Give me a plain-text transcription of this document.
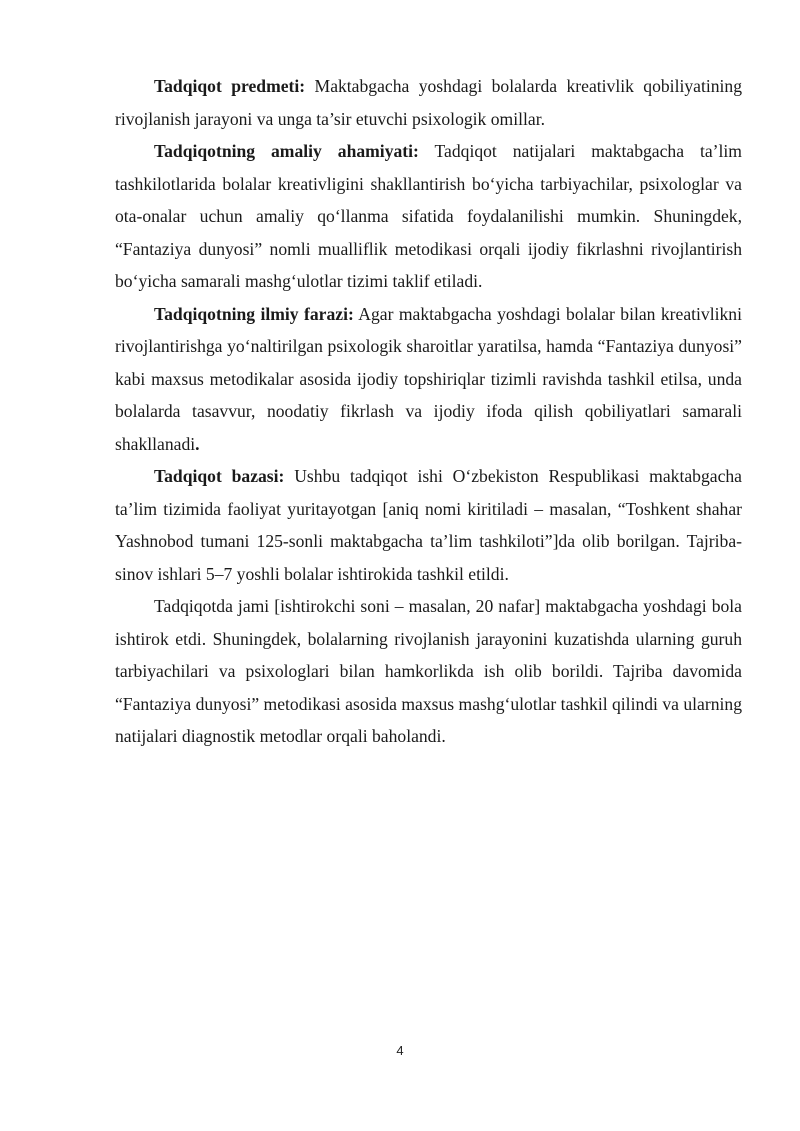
Tadqiqot predmeti: Maktabgacha yoshdagi bolalarda kreativlik qobiliyatining rivojlanish jarayoni va unga ta’sir etuvchi psixologik omillar.

Tadqiqotning amaliy ahamiyati: Tadqiqot natijalari maktabgacha ta’lim tashkilotlarida bolalar kreativligini shakllantirish bo‘yicha tarbiyachilar, psixologlar va ota-onalar uchun amaliy qo‘llanma sifatida foydalanilishi mumkin. Shuningdek, “Fantaziya dunyosi” nomli mualliflik metodikasi orqali ijodiy fikrlashni rivojlantirish bo‘yicha samarali mashg‘ulotlar tizimi taklif etiladi.

Tadqiqotning ilmiy farazi: Agar maktabgacha yoshdagi bolalar bilan kreativlikni rivojlantirishga yo‘naltirilgan psixologik sharoitlar yaratilsa, hamda “Fantaziya dunyosi” kabi maxsus metodikalar asosida ijodiy topshiriqlar tizimli ravishda tashkil etilsa, unda bolalarda tasavvur, noodatiy fikrlash va ijodiy ifoda qilish qobiliyatlari samarali shakllanadi.

Tadqiqot bazasi: Ushbu tadqiqot ishi O‘zbekiston Respublikasi maktabgacha ta’lim tizimida faoliyat yuritayotgan [aniq nomi kiritiladi – masalan, “Toshkent shahar Yashnobod tumani 125-sonli maktabgacha ta’lim tashkiloti”]da olib borilgan. Tajriba-sinov ishlari 5–7 yoshli bolalar ishtirokida tashkil etildi.

Tadqiqotda jami [ishtirokchi soni – masalan, 20 nafar] maktabgacha yoshdagi bola ishtirok etdi. Shuningdek, bolalarning rivojlanish jarayonini kuzatishda ularning guruh tarbiyachilari va psixologlari bilan hamkorlikda ish olib borildi. Tajriba davomida “Fantaziya dunyosi” metodikasi asosida maxsus mashg‘ulotlar tashkil qilindi va ularning natijalari diagnostik metodlar orqali baholandi.

4
